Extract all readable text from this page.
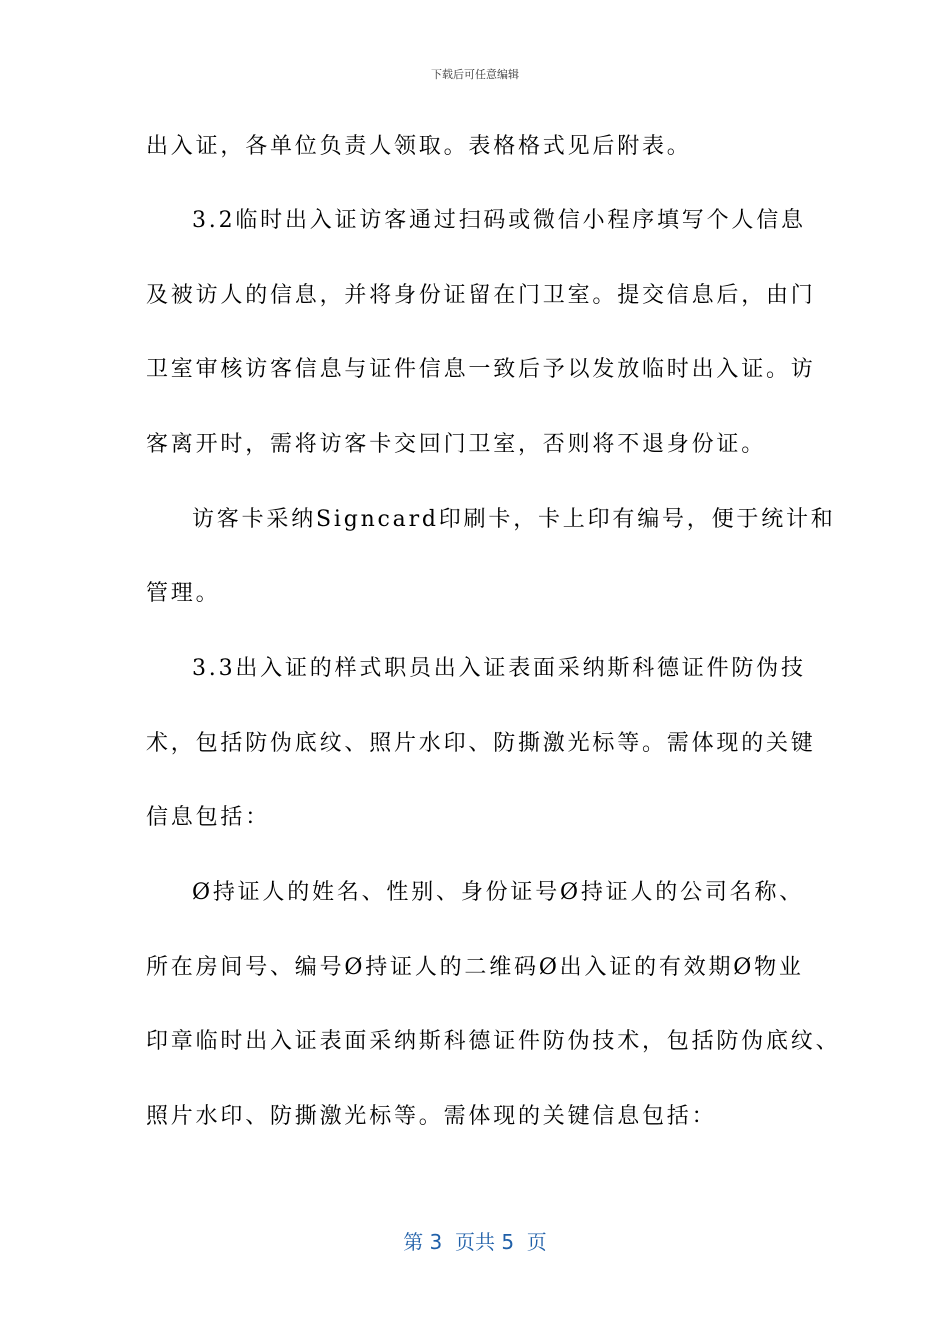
下载后可任意编辑
出入证，各单位负责人领取。表格格式见后附表。
3.2临时出入证访客通过扫码或微信小程序填写个人信息
及被访人的信息，并将身份证留在门卫室。提交信息后，由门
卫室审核访客信息与证件信息一致后予以发放临时出入证。访
客离开时，需将访客卡交回门卫室，否则将不退身份证。
访客卡采纳Signcard印刷卡，卡上印有编号，便于统计和
管理。
3.3出入证的样式职员出入证表面采纳斯科德证件防伪技
术，包括防伪底纹、照片水印、防撕激光标等。需体现的关键
信息包括：
Ø持证人的姓名、性别、身份证号Ø持证人的公司名称、
所在房间号、编号Ø持证人的二维码Ø出入证的有效期Ø物业
印章临时出入证表面采纳斯科德证件防伪技术，包括防伪底纹、
照片水印、防撕激光标等。需体现的关键信息包括：
第 3  页共 5  页
